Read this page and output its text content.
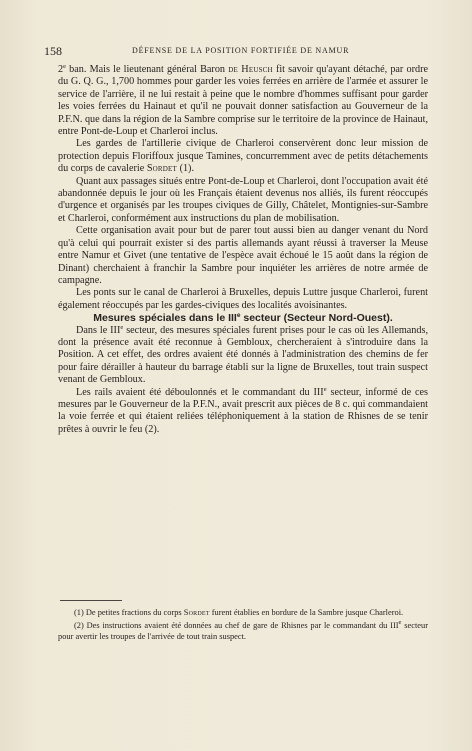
158	DÉFENSE DE LA POSITION FORTIFIÉE DE NAMUR

2e ban. Mais le lieutenant général Baron de Heusch fit savoir qu'ayant détaché, par ordre du G. Q. G., 1,700 hommes pour garder les voies ferrées en arrière de l'armée et assurer le service de l'arrière, il ne lui restait à peine que le nombre d'hommes suffisant pour garder les voies ferrées du Hainaut et qu'il ne pouvait donner satisfaction au Gouverneur de la P.F.N. que dans la région de la Sambre comprise sur le territoire de la province de Hainaut, entre Pont-de-Loup et Charleroi inclus.

Les gardes de l'artillerie civique de Charleroi conservèrent donc leur mission de protection depuis Floriffoux jusque Tamines, concurremment avec de petits détachements du corps de cavalerie Sordet (1).

Quant aux passages situés entre Pont-de-Loup et Charleroi, dont l'occupation avait été abandonnée depuis le jour où les Français étaient devenus nos alliés, ils furent réoccupés d'urgence et organisés par les troupes civiques de Gilly, Châtelet, Montignies-sur-Sambre et Charleroi, conformément aux instructions du plan de mobilisation.

Cette organisation avait pour but de parer tout aussi bien au danger venant du Nord qu'à celui qui pourrait exister si des partis allemands ayant réussi à traverser la Meuse entre Namur et Givet (une tentative de l'espèce avait échoué le 15 août dans la région de Dinant) cherchaient à franchir la Sambre pour inquiéter les arrières de notre armée de campagne.

Les ponts sur le canal de Charleroi à Bruxelles, depuis Luttre jusque Charleroi, furent également réoccupés par les gardes-civiques des localités avoisinantes.

Mesures spéciales dans le IIIe secteur (Secteur Nord-Ouest).

Dans le IIIe secteur, des mesures spéciales furent prises pour le cas où les Allemands, dont la présence avait été reconnue à Gembloux, chercheraient à s'introduire dans la Position. A cet effet, des ordres avaient été donnés à l'administration des chemins de fer pour faire dérailler à hauteur du barrage établi sur la ligne de Bruxelles, tout train suspect venant de Gembloux.

Les rails avaient été déboulonnés et le commandant du IIIe secteur, informé de ces mesures par le Gouverneur de la P.F.N., avait prescrit aux pièces de 8 c. qui commandaient la voie ferrée et qui étaient reliées téléphoniquement à la station de Rhisnes de se tenir prêtes à ouvrir le feu (2).

(1) De petites fractions du corps Sordet furent établies en bordure de la Sambre jusque Charleroi.

(2) Des instructions avaient été données au chef de gare de Rhisnes par le commandant du IIIe secteur pour avertir les troupes de l'arrivée de tout train suspect.
